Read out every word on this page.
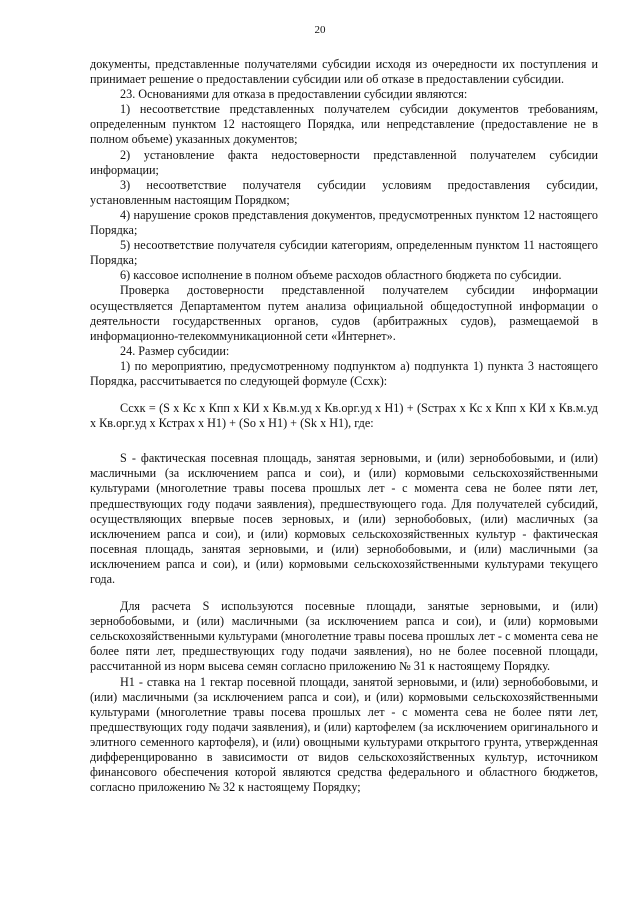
20

документы, представленные получателями субсидии исходя из очередности их поступления и принимает решение о предоставлении субсидии или об отказе в предоставлении субсидии.

23. Основаниями для отказа в предоставлении субсидии являются:

1) несоответствие представленных получателем субсидии документов требованиям, определенным пунктом 12 настоящего Порядка, или непредставление (предоставление не в полном объеме) указанных документов;

2) установление факта недостоверности представленной получателем субсидии информации;

3) несоответствие получателя субсидии условиям предоставления субсидии, установленным настоящим Порядком;

4) нарушение сроков представления документов, предусмотренных пунктом 12 настоящего Порядка;

5) несоответствие получателя субсидии категориям, определенным пунктом 11 настоящего Порядка;

6) кассовое исполнение в полном объеме расходов областного бюджета по субсидии.

Проверка достоверности представленной получателем субсидии информации осуществляется Департаментом путем анализа официальной общедоступной информации о деятельности государственных органов, судов (арбитражных судов), размещаемой в информационно-телекоммуникационной сети «Интернет».

24. Размер субсидии:

1) по мероприятию, предусмотренному подпунктом а) подпункта 1) пункта 3 настоящего Порядка, рассчитывается по следующей формуле (Ссхк):

Ссхк = (S x Кс x Кпп x КИ x Кв.м.уд x Кв.орг.уд x Н1) + (Sстрах x Кс x Кпп x КИ x Кв.м.уд x Кв.орг.уд x Кстрах x Н1) + (So x Н1) + (Sk x Н1), где:

S - фактическая посевная площадь, занятая зерновыми, и (или) зернобобовыми, и (или) масличными (за исключением рапса и сои), и (или) кормовыми сельскохозяйственными культурами (многолетние травы посева прошлых лет - с момента сева не более пяти лет, предшествующих году подачи заявления), предшествующего года. Для получателей субсидий, осуществляющих впервые посев зерновых, и (или) зернобобовых, (или) масличных (за исключением рапса и сои), и (или) кормовых сельскохозяйственных культур - фактическая посевная площадь, занятая зерновыми, и (или) зернобобовыми, и (или) масличными (за исключением рапса и сои), и (или) кормовыми сельскохозяйственными культурами текущего года.

Для расчета S используются посевные площади, занятые зерновыми, и (или) зернобобовыми, и (или) масличными (за исключением рапса и сои), и (или) кормовыми сельскохозяйственными культурами (многолетние травы посева прошлых лет - с момента сева не более пяти лет, предшествующих году подачи заявления), но не более посевной площади, рассчитанной из норм высева семян согласно приложению № 31 к настоящему Порядку.

Н1 - ставка на 1 гектар посевной площади, занятой зерновыми, и (или) зернобобовыми, и (или) масличными (за исключением рапса и сои), и (или) кормовыми сельскохозяйственными культурами (многолетние травы посева прошлых лет - с момента сева не более пяти лет, предшествующих году подачи заявления), и (или) картофелем (за исключением оригинального и элитного семенного картофеля), и (или) овощными культурами открытого грунта, утвержденная дифференцированно в зависимости от видов сельскохозяйственных культур, источником финансового обеспечения которой являются средства федерального и областного бюджетов, согласно приложению № 32 к настоящему Порядку;
